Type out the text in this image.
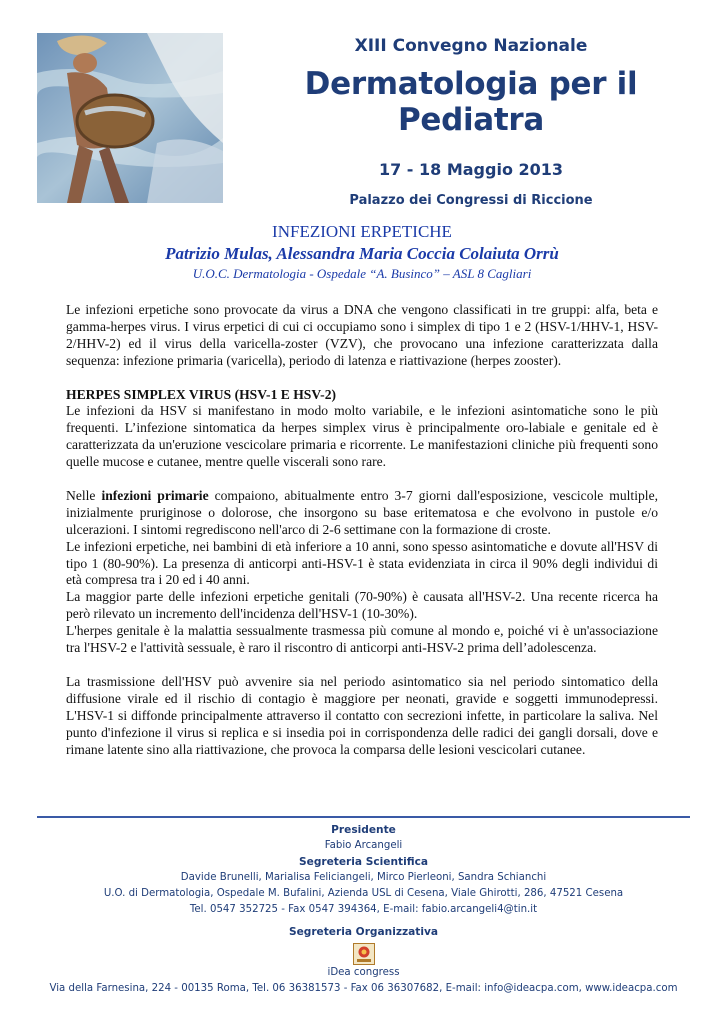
XIII Convegno Nazionale
Dermatologia per il Pediatra
17 - 18 Maggio 2013
Palazzo dei Congressi di Riccione
INFEZIONI ERPETICHE
Patrizio Mulas, Alessandra Maria Coccia Colaiuta Orrù
U.O.C. Dermatologia - Ospedale “A. Businco” – ASL 8 Cagliari

Le infezioni erpetiche sono provocate da virus a DNA che vengono classificati in tre gruppi: alfa, beta e gamma-herpes virus. I virus erpetici di cui ci occupiamo sono i simplex di tipo 1 e 2 (HSV-1/HHV-1, HSV-2/HHV-2) ed il virus della varicella-zoster (VZV), che provocano una infezione caratterizzata dalla sequenza: infezione primaria (varicella), periodo di latenza e riattivazione (herpes zooster).

HERPES SIMPLEX VIRUS (HSV-1 E HSV-2)

Le infezioni da HSV si manifestano in modo molto variabile, e le infezioni asintomatiche sono le più frequenti. L’infezione sintomatica da herpes simplex virus è principalmente oro-labiale e genitale ed è caratterizzata da un'eruzione vescicolare primaria e ricorrente. Le manifestazioni cliniche più frequenti sono quelle mucose e cutanee, mentre quelle viscerali sono rare.

Nelle infezioni primarie compaiono, abitualmente entro 3-7 giorni dall'esposizione, vescicole multiple, inizialmente pruriginose o dolorose, che insorgono su base eritematosa e che evolvono in pustole e/o ulcerazioni. I sintomi regrediscono nell'arco di 2-6 settimane con la formazione di croste.

Le infezioni erpetiche, nei bambini di età inferiore a 10 anni, sono spesso asintomatiche e dovute all'HSV di tipo 1 (80-90%). La presenza di anticorpi anti-HSV-1 è stata evidenziata in circa il 90% degli individui di età compresa tra i 20 ed i 40 anni.

La maggior parte delle infezioni erpetiche genitali (70-90%) è causata all'HSV-2. Una recente ricerca ha però rilevato un incremento dell'incidenza dell'HSV-1 (10-30%).

L'herpes genitale è la malattia sessualmente trasmessa più comune al mondo e, poiché vi è un'associazione tra l'HSV-2 e l'attività sessuale, è raro il riscontro di anticorpi anti-HSV-2 prima dell’adolescenza.

La trasmissione dell'HSV può avvenire sia nel periodo asintomatico sia nel periodo sintomatico della diffusione virale ed il rischio di contagio è maggiore per neonati, gravide e soggetti immunodepressi. L'HSV-1 si diffonde principalmente attraverso il contatto con secrezioni infette, in particolare la saliva. Nel punto d'infezione il virus si replica e si insedia poi in corrispondenza delle radici dei gangli dorsali, dove e rimane latente sino alla riattivazione, che provoca la comparsa delle lesioni vescicolari cutanee.

Presidente
Fabio Arcangeli
Segreteria Scientifica
Davide Brunelli, Marialisa Feliciangeli, Mirco Pierleoni, Sandra Schianchi
U.O. di Dermatologia, Ospedale M. Bufalini, Azienda USL di Cesena, Viale Ghirotti, 286, 47521 Cesena
Tel. 0547 352725 - Fax 0547 394364, E-mail: fabio.arcangeli4@tin.it
Segreteria Organizzativa
iDea congress
Via della Farnesina, 224 - 00135 Roma, Tel. 06 36381573 - Fax 06 36307682, E-mail: info@ideacpa.com, www.ideacpa.com
